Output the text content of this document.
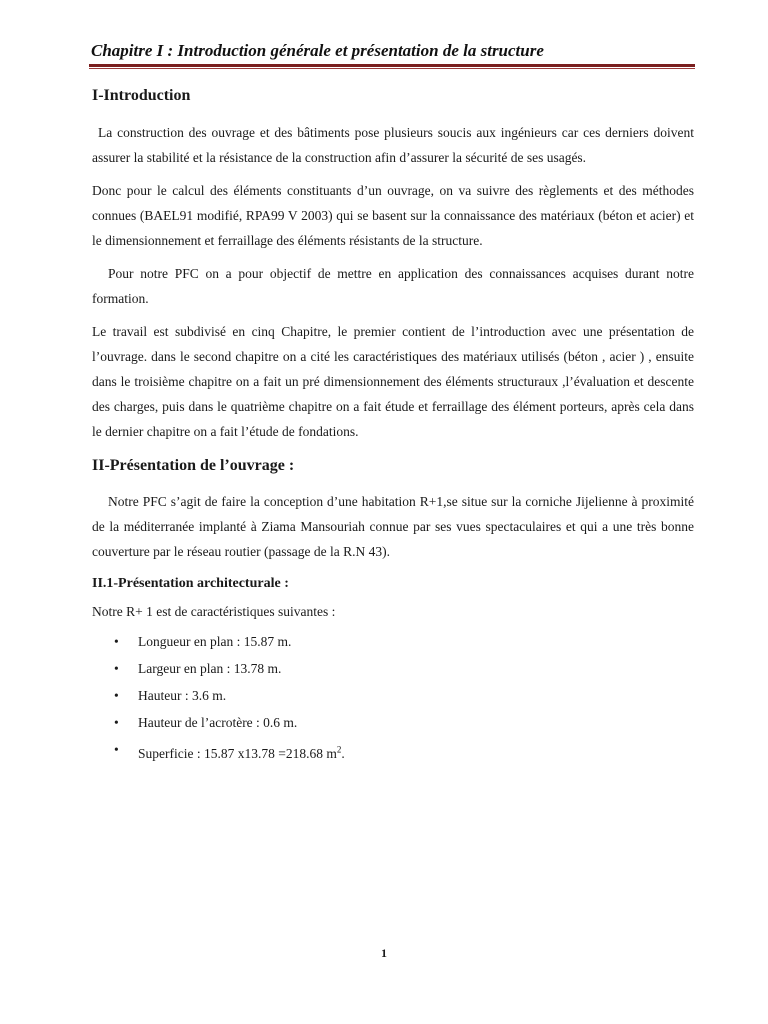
Chapitre I : Introduction générale et présentation de la structure
I-Introduction

La construction des ouvrage et des bâtiments pose plusieurs soucis aux ingénieurs car ces derniers doivent assurer la stabilité et la résistance de la construction afin d’assurer la sécurité de ses usagés.

Donc pour le calcul des éléments constituants d’un ouvrage, on va suivre des règlements et des méthodes connues (BAEL91 modifié, RPA99 V 2003) qui se basent sur la connaissance des matériaux (béton et acier) et le dimensionnement et ferraillage des éléments résistants de la structure.

Pour notre PFC on a pour objectif de mettre en application des connaissances acquises durant notre formation.

Le travail est subdivisé en cinq Chapitre, le premier contient de l’introduction avec une présentation de l’ouvrage. dans le second chapitre on a cité les caractéristiques des matériaux utilisés (béton , acier ) , ensuite dans le troisième chapitre on a fait un pré dimensionnement des éléments structuraux ,l’évaluation et descente des charges, puis dans le quatrième chapitre on a fait étude et ferraillage des élément porteurs, après cela dans le dernier chapitre on a fait l’étude de fondations.

II-Présentation de l’ouvrage :

Notre PFC s’agit de faire la conception d’une habitation R+1,se situe sur la corniche Jijelienne à proximité de la méditerranée implanté à Ziama Mansouriah connue par ses vues spectaculaires et qui a une très bonne couverture par le réseau routier (passage de la R.N 43).

II.1-Présentation architecturale :

Notre R+ 1 est de caractéristiques suivantes :

• Longueur en plan : 15.87 m.
• Largeur en plan : 13.78 m.
• Hauteur : 3.6 m.
• Hauteur de l’acrotère : 0.6 m.
• Superficie : 15.87 x13.78 =218.68 $m^2$.
1
